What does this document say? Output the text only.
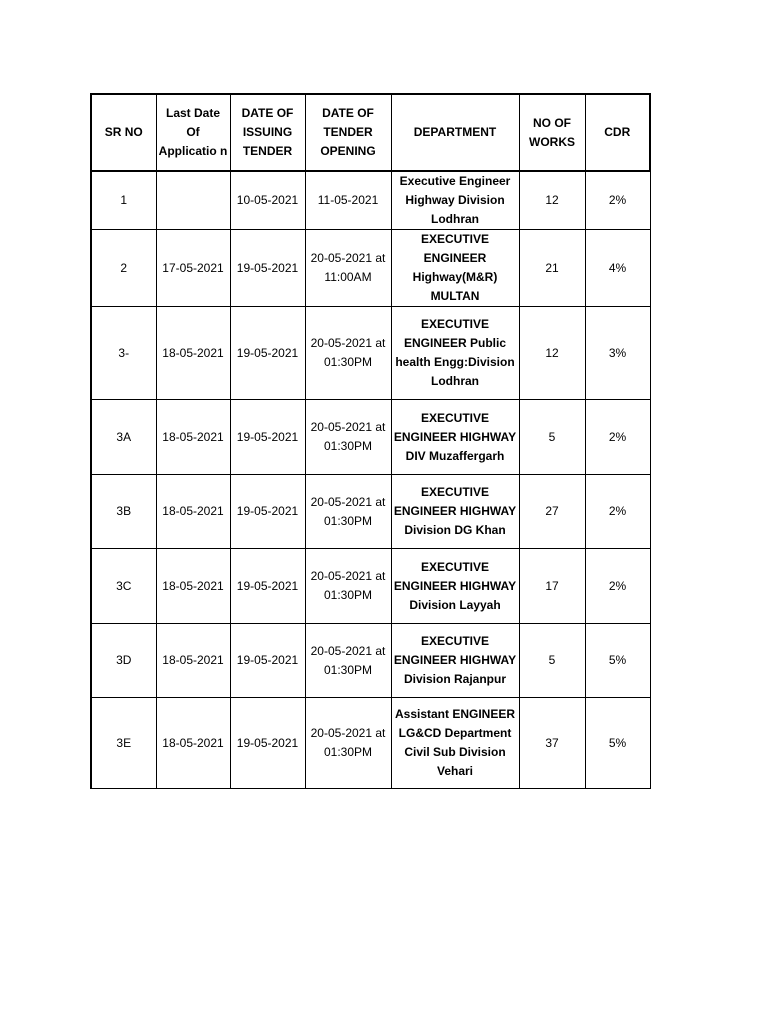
SR NO	Last Date Of Applicatio n	DATE OF ISSUING TENDER	DATE OF TENDER OPENING	DEPARTMENT	NO OF WORKS	CDR
1		10-05-2021	11-05-2021	Executive Engineer Highway Division Lodhran	12	2%
2	17-05-2021	19-05-2021	20-05-2021 at 11:00AM	EXECUTIVE ENGINEER Highway(M&R) MULTAN	21	4%
3-	18-05-2021	19-05-2021	20-05-2021 at 01:30PM	EXECUTIVE ENGINEER Public health Engg:Division Lodhran	12	3%
3A	18-05-2021	19-05-2021	20-05-2021 at 01:30PM	EXECUTIVE ENGINEER HIGHWAY DIV Muzaffergarh	5	2%
3B	18-05-2021	19-05-2021	20-05-2021 at 01:30PM	EXECUTIVE ENGINEER HIGHWAY Division DG Khan	27	2%
3C	18-05-2021	19-05-2021	20-05-2021 at 01:30PM	EXECUTIVE ENGINEER HIGHWAY Division Layyah	17	2%
3D	18-05-2021	19-05-2021	20-05-2021 at 01:30PM	EXECUTIVE ENGINEER HIGHWAY Division Rajanpur	5	5%
3E	18-05-2021	19-05-2021	20-05-2021 at 01:30PM	Assistant ENGINEER LG&CD Department Civil Sub Division Vehari	37	5%
